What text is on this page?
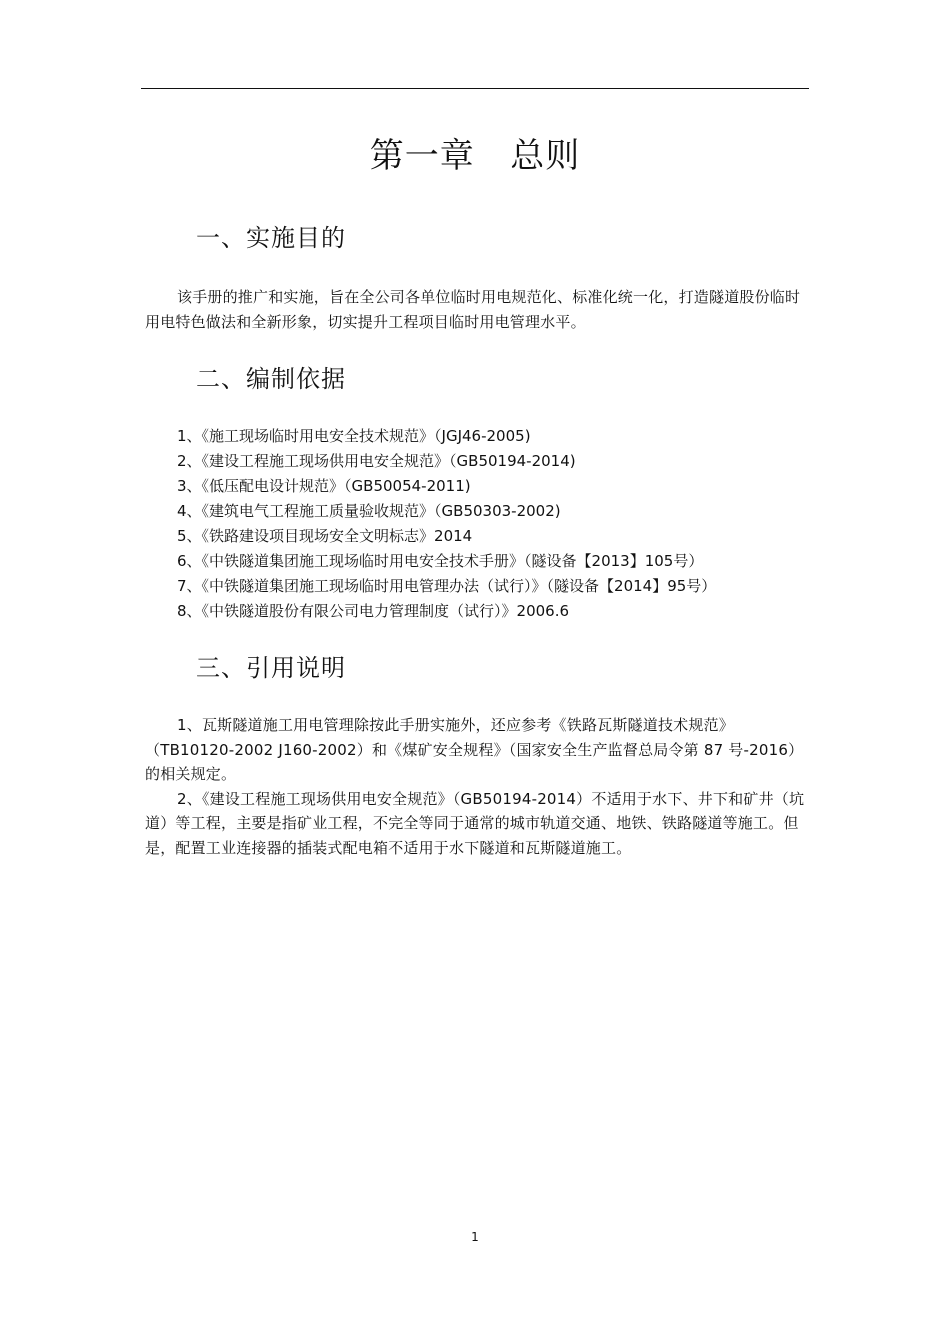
第一章   总则
一、实施目的

该手册的推广和实施，旨在全公司各单位临时用电规范化、标准化统一化，打造隧道股份临时用电特色做法和全新形象，切实提升工程项目临时用电管理水平。

二、编制依据
1、《施工现场临时用电安全技术规范》（JGJ46-2005)
2、《建设工程施工现场供用电安全规范》（GB50194-2014)
3、《低压配电设计规范》（GB50054-2011)
4、《建筑电气工程施工质量验收规范》（GB50303-2002)
5、《铁路建设项目现场安全文明标志》2014
6、《中铁隧道集团施工现场临时用电安全技术手册》（隧设备【2013】105号）
7、《中铁隧道集团施工现场临时用电管理办法（试行）》（隧设备【2014】95号）
8、《中铁隧道股份有限公司电力管理制度（试行）》2006.6
三、引用说明

1、瓦斯隧道施工用电管理除按此手册实施外，还应参考《铁路瓦斯隧道技术规范》（TB10120-2002 J160-2002）和《煤矿安全规程》（国家安全生产监督总局令第 87 号-2016）的相关规定。

2、《建设工程施工现场供用电安全规范》（GB50194-2014）不适用于水下、井下和矿井（坑道）等工程，主要是指矿业工程，不完全等同于通常的城市轨道交通、地铁、铁路隧道等施工。但是，配置工业连接器的插装式配电箱不适用于水下隧道和瓦斯隧道施工。

1
